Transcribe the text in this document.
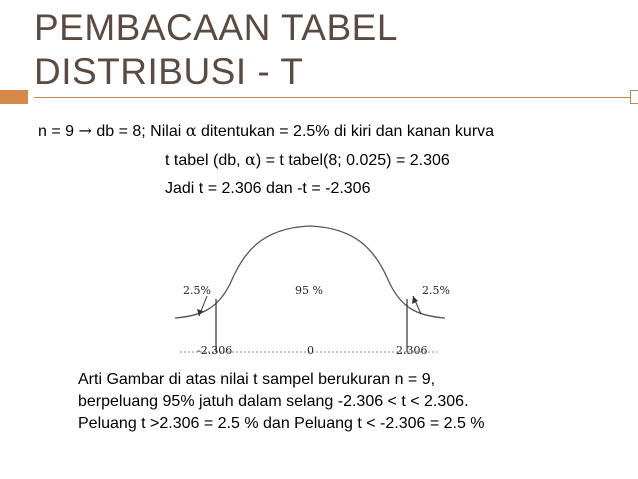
PEMBACAAN TABEL
DISTRIBUSI - T
n = 9 → db = 8; Nilai α ditentukan = 2.5% di kiri dan kanan kurva
t tabel (db, α) = t tabel(8; 0.025) = 2.306
Jadi t = 2.306 dan -t = -2.306
2.5%	95 %	2.5%
-2.306	0	2.306
Arti Gambar di atas nilai t sampel berukuran n = 9,
berpeluang 95% jatuh dalam selang -2.306 < t < 2.306.
Peluang t >2.306 = 2.5 % dan Peluang t < -2.306 = 2.5 %
